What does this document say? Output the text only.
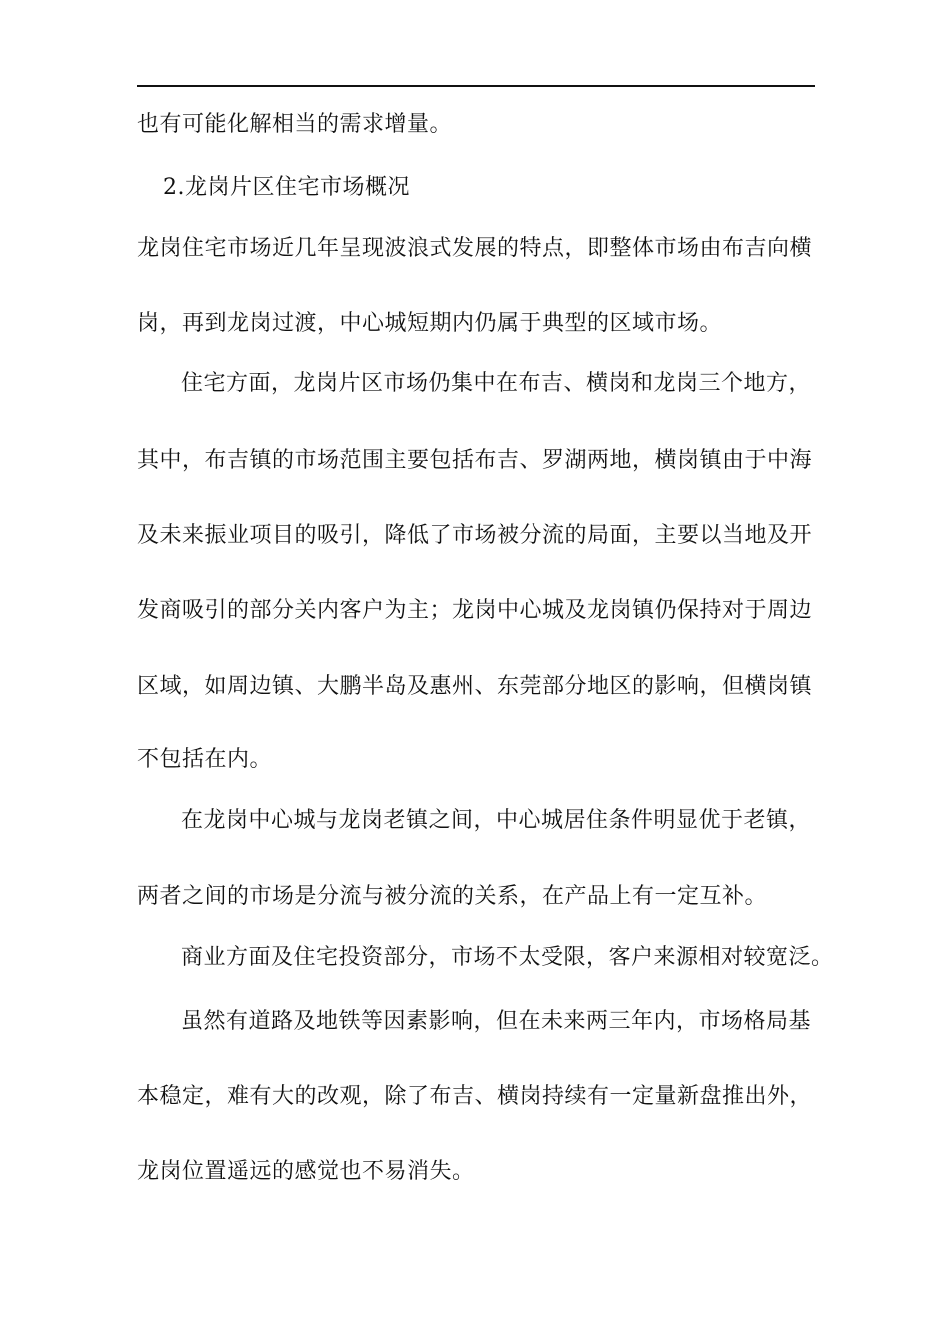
也有可能化解相当的需求增量。

2.龙岗片区住宅市场概况

龙岗住宅市场近几年呈现波浪式发展的特点，即整体市场由布吉向横

岗，再到龙岗过渡，中心城短期内仍属于典型的区域市场。

住宅方面，龙岗片区市场仍集中在布吉、横岗和龙岗三个地方，

其中，布吉镇的市场范围主要包括布吉、罗湖两地，横岗镇由于中海

及未来振业项目的吸引，降低了市场被分流的局面，主要以当地及开

发商吸引的部分关内客户为主；龙岗中心城及龙岗镇仍保持对于周边

区域，如周边镇、大鹏半岛及惠州、东莞部分地区的影响，但横岗镇

不包括在内。

在龙岗中心城与龙岗老镇之间，中心城居住条件明显优于老镇，

两者之间的市场是分流与被分流的关系，在产品上有一定互补。

商业方面及住宅投资部分，市场不太受限，客户来源相对较宽泛。

虽然有道路及地铁等因素影响，但在未来两三年内，市场格局基

本稳定，难有大的改观，除了布吉、横岗持续有一定量新盘推出外，

龙岗位置遥远的感觉也不易消失。
